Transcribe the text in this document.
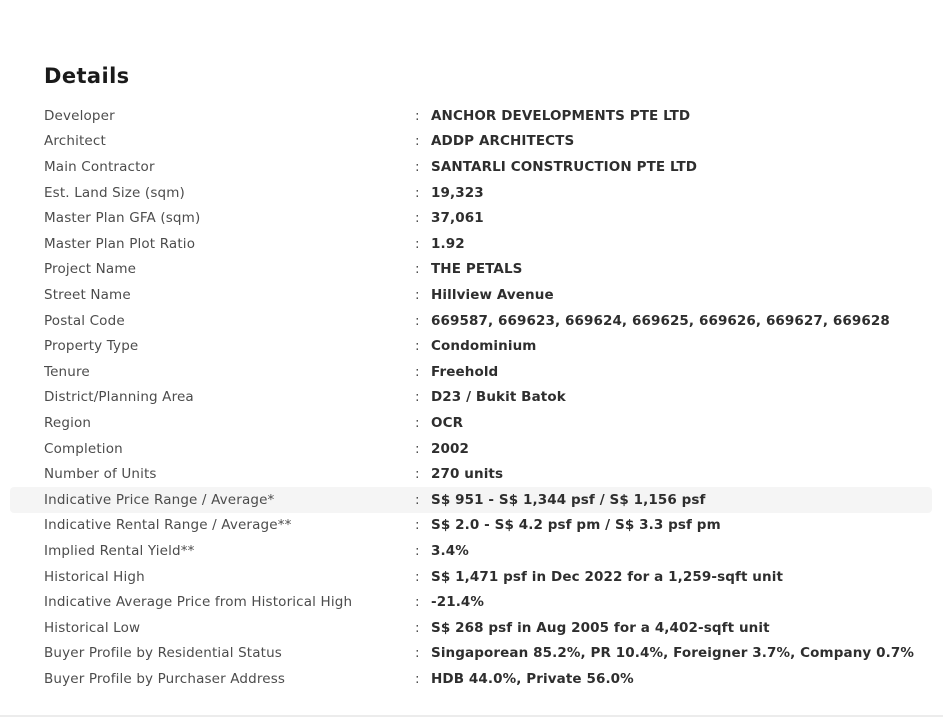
Details
Developer	: ANCHOR DEVELOPMENTS PTE LTD
Architect	: ADDP ARCHITECTS
Main Contractor	: SANTARLI CONSTRUCTION PTE LTD
Est. Land Size (sqm)	: 19,323
Master Plan GFA (sqm)	: 37,061
Master Plan Plot Ratio	: 1.92
Project Name	: THE PETALS
Street Name	: Hillview Avenue
Postal Code	: 669587, 669623, 669624, 669625, 669626, 669627, 669628
Property Type	: Condominium
Tenure	: Freehold
District/Planning Area	: D23 / Bukit Batok
Region	: OCR
Completion	: 2002
Number of Units	: 270 units
Indicative Price Range / Average*	: S$ 951 - S$ 1,344 psf / S$ 1,156 psf
Indicative Rental Range / Average**	: S$ 2.0 - S$ 4.2 psf pm / S$ 3.3 psf pm
Implied Rental Yield**	: 3.4%
Historical High	: S$ 1,471 psf in Dec 2022 for a 1,259-sqft unit
Indicative Average Price from Historical High	: -21.4%
Historical Low	: S$ 268 psf in Aug 2005 for a 4,402-sqft unit
Buyer Profile by Residential Status	: Singaporean 85.2%, PR 10.4%, Foreigner 3.7%, Company 0.7%
Buyer Profile by Purchaser Address	: HDB 44.0%, Private 56.0%
